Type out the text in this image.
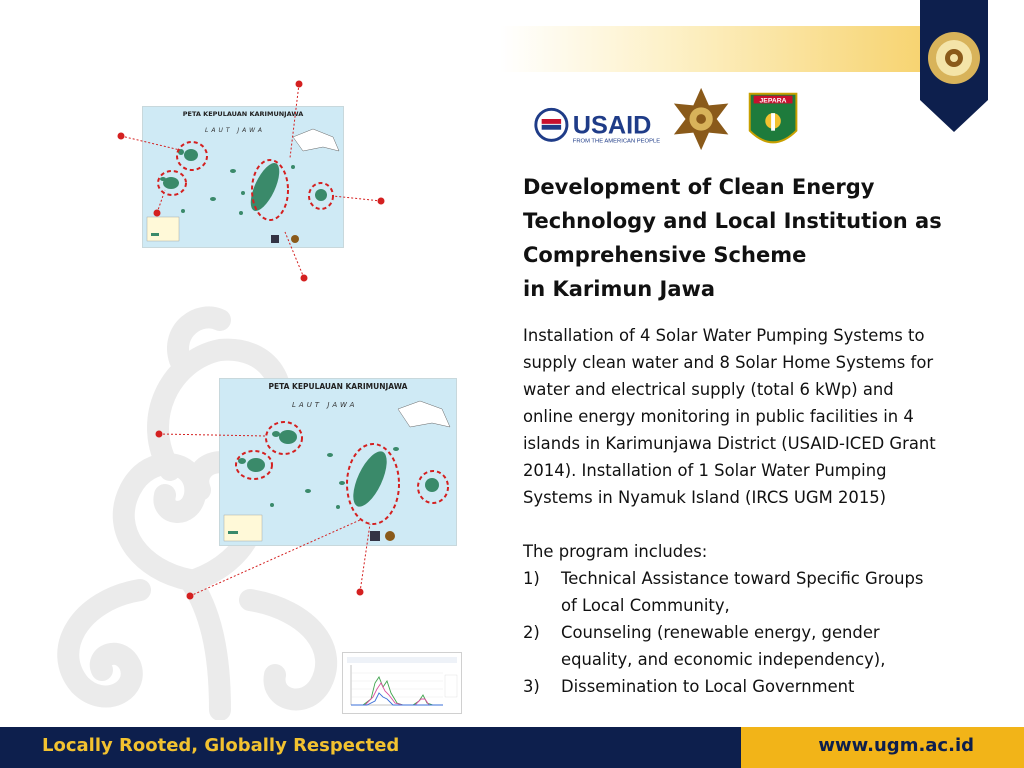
USAID
FROM THE AMERICAN PEOPLE
JEPARA
Development of Clean Energy
Technology and Local Institution as
Comprehensive Scheme
in Karimun Jawa

Installation of 4 Solar Water Pumping Systems to

supply clean water and 8 Solar Home Systems for

water and electrical supply (total 6 kWp) and

online energy monitoring in public facilities in 4

islands in Karimunjawa District (USAID-ICED Grant

2014). Installation of 1 Solar Water Pumping

Systems in Nyamuk Island (IRCS UGM 2015)

The program includes:

1) Technical Assistance toward Specific Groups
of Local Community,
2) Counseling (renewable energy, gender
equality, and economic independency),
3) Dissemination to Local Government
PETA KEPULAUAN KARIMUNJAWA
LAUT JAWA
PETA KEPULAUAN KARIMUNJAWA
LAUT JAWA
Locally Rooted, Globally Respected	www.ugm.ac.id
